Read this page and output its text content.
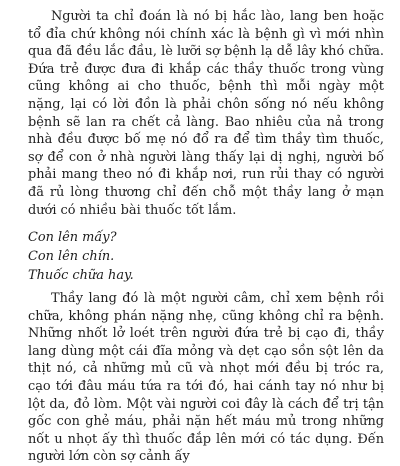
Người ta chỉ đoán là nó bị hắc lào, lang ben hoặc tổ đỉa chứ không nói chính xác là bệnh gì vì mới nhìn qua đã đều lắc đầu, lè lưỡi sợ bệnh lạ dễ lây khó chữa. Đứa trẻ được đưa đi khắp các thầy thuốc trong vùng cũng không ai cho thuốc, bệnh thì mỗi ngày một nặng, lại có lời đồn là phải chôn sống nó nếu không bệnh sẽ lan ra chết cả làng. Bao nhiêu của nả trong nhà đều được bố mẹ nó đổ ra để tìm thầy tìm thuốc, sợ để con ở nhà người làng thấy lại dị nghị, người bố phải mang theo nó đi khắp nơi, run rủi thay có người đã rủ lòng thương chỉ đến chỗ một thầy lang ở mạn dưới có nhiều bài thuốc tốt lắm.

Con lên mấy?
Con lên chín.
Thuốc chữa hay.

Thầy lang đó là một người câm, chỉ xem bệnh rồi chữa, không phán nặng nhẹ, cũng không chỉ ra bệnh. Những nhốt lở loét trên người đứa trẻ bị cạo đi, thầy lang dùng một cái đĩa mỏng và dẹt cạo sồn sột lên da thịt nó, cả những mủ cũ và nhọt mới đều bị tróc ra, cạo tới đâu máu tứa ra tới đó, hai cánh tay nó như bị lột da, đỏ lòm. Một vài người coi đây là cách để trị tận gốc con ghẻ máu, phải nặn hết máu mủ trong những nốt u nhọt ấy thì thuốc đắp lên mới có tác dụng. Đến người lớn còn sợ cảnh ấy
